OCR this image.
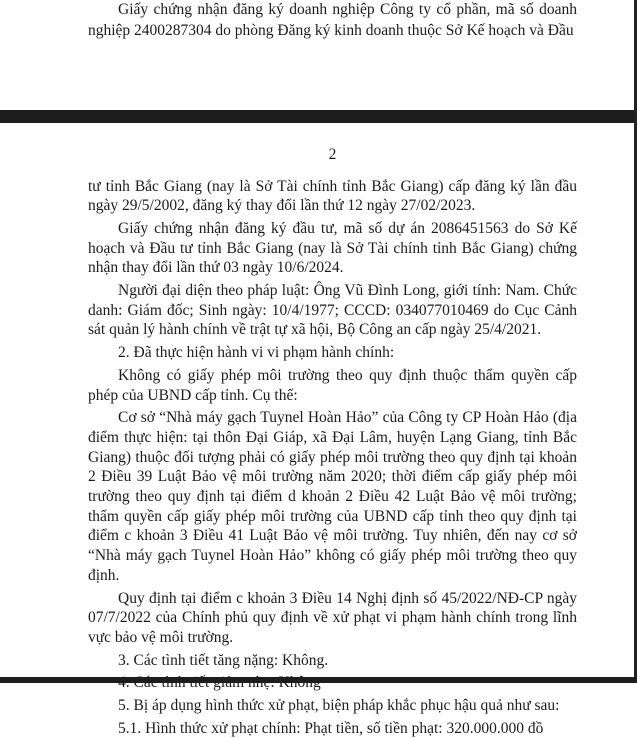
Giấy chứng nhận đăng ký doanh nghiệp Công ty cổ phần, mã số doanh nghiệp 2400287304 do phòng Đăng ký kinh doanh thuộc Sở Kế hoạch và Đầu
2

tư tỉnh Bắc Giang (nay là Sở Tài chính tỉnh Bắc Giang) cấp đăng ký lần đầu ngày 29/5/2002, đăng ký thay đổi lần thứ 12 ngày 27/02/2023.

Giấy chứng nhận đăng ký đầu tư, mã số dự án 2086451563 do Sở Kế hoạch và Đầu tư tỉnh Bắc Giang (nay là Sở Tài chính tỉnh Bắc Giang) chứng nhận thay đổi lần thứ 03 ngày 10/6/2024.

Người đại diện theo pháp luật: Ông Vũ Đình Long, giới tính: Nam. Chức danh: Giám đốc; Sinh ngày: 10/4/1977; CCCD: 034077010469 do Cục Cảnh sát quản lý hành chính về trật tự xã hội, Bộ Công an cấp ngày 25/4/2021.

2. Đã thực hiện hành vi vi phạm hành chính:

Không có giấy phép môi trường theo quy định thuộc thẩm quyền cấp phép của UBND cấp tỉnh. Cụ thể:

Cơ sở “Nhà máy gạch Tuynel Hoàn Hảo” của Công ty CP Hoàn Hảo (địa điểm thực hiện: tại thôn Đại Giáp, xã Đại Lâm, huyện Lạng Giang, tỉnh Bắc Giang) thuộc đối tượng phải có giấy phép môi trường theo quy định tại khoản 2 Điều 39 Luật Bảo vệ môi trường năm 2020; thời điểm cấp giấy phép môi trường theo quy định tại điểm d khoản 2 Điều 42 Luật Bảo vệ môi trường; thẩm quyền cấp giấy phép môi trường của UBND cấp tỉnh theo quy định tại điểm c khoản 3 Điều 41 Luật Bảo vệ môi trường. Tuy nhiên, đến nay cơ sở “Nhà máy gạch Tuynel Hoàn Hảo” không có giấy phép môi trường theo quy định.

Quy định tại điểm c khoản 3 Điều 14 Nghị định số 45/2022/NĐ-CP ngày 07/7/2022 của Chính phủ quy định về xử phạt vi phạm hành chính trong lĩnh vực bảo vệ môi trường.

3. Các tình tiết tăng nặng: Không.

5. Bị áp dụng hình thức xử phạt, biện pháp khắc phục hậu quả như sau:

5.1. Hình thức xử phạt chính: Phạt tiền, số tiền phạt: 320.000.000 đồ
